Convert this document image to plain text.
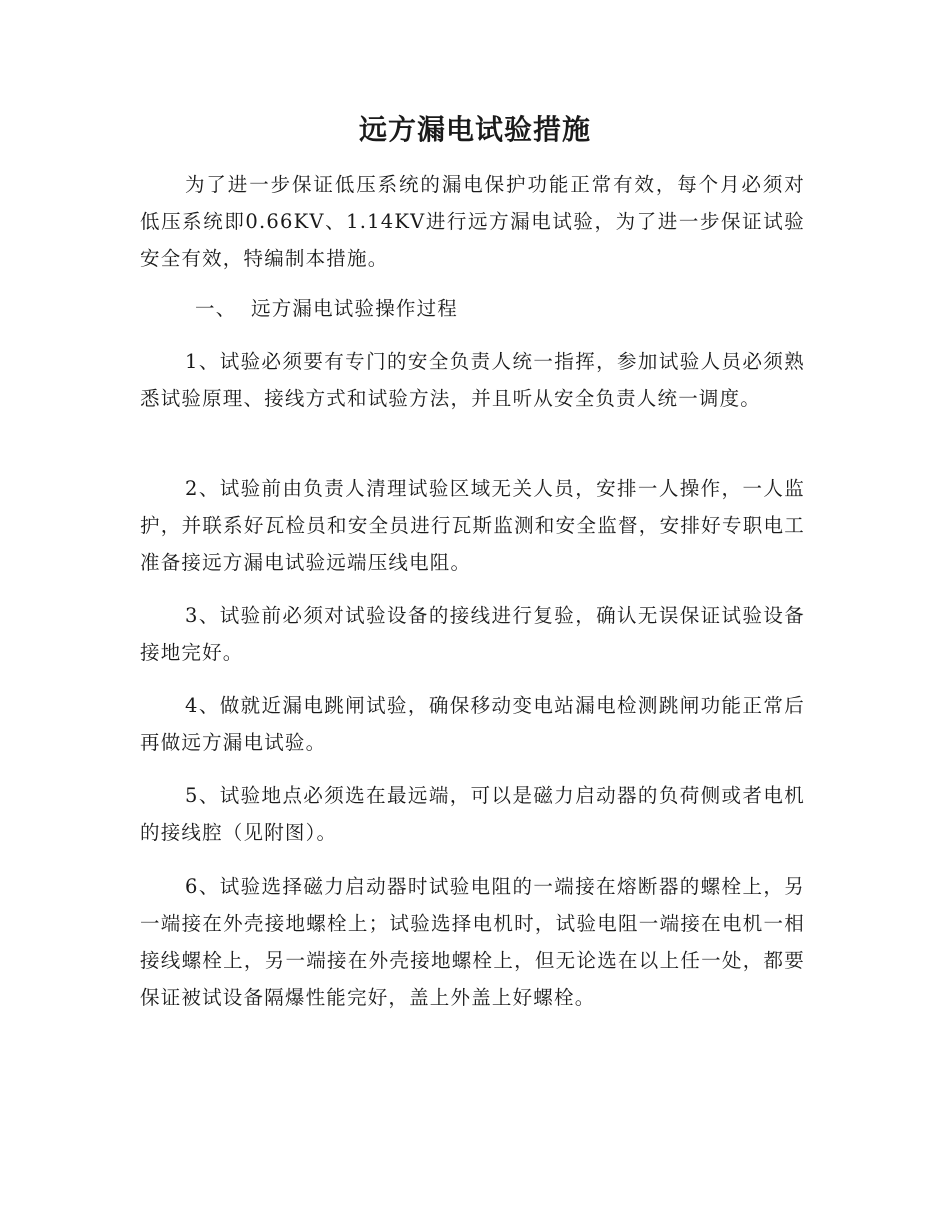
远方漏电试验措施

为了进一步保证低压系统的漏电保护功能正常有效，每个月必须对低压系统即0.66KV、1.14KV进行远方漏电试验，为了进一步保证试验安全有效，特编制本措施。

一、 远方漏电试验操作过程

1、试验必须要有专门的安全负责人统一指挥，参加试验人员必须熟悉试验原理、接线方式和试验方法，并且听从安全负责人统一调度。

2、试验前由负责人清理试验区域无关人员，安排一人操作，一人监护，并联系好瓦检员和安全员进行瓦斯监测和安全监督，安排好专职电工准备接远方漏电试验远端压线电阻。

3、试验前必须对试验设备的接线进行复验，确认无误保证试验设备接地完好。

4、做就近漏电跳闸试验，确保移动变电站漏电检测跳闸功能正常后再做远方漏电试验。

5、试验地点必须选在最远端，可以是磁力启动器的负荷侧或者电机的接线腔（见附图）。

6、试验选择磁力启动器时试验电阻的一端接在熔断器的螺栓上，另一端接在外壳接地螺栓上；试验选择电机时，试验电阻一端接在电机一相接线螺栓上，另一端接在外壳接地螺栓上，但无论选在以上任一处，都要保证被试设备隔爆性能完好，盖上外盖上好螺栓。
